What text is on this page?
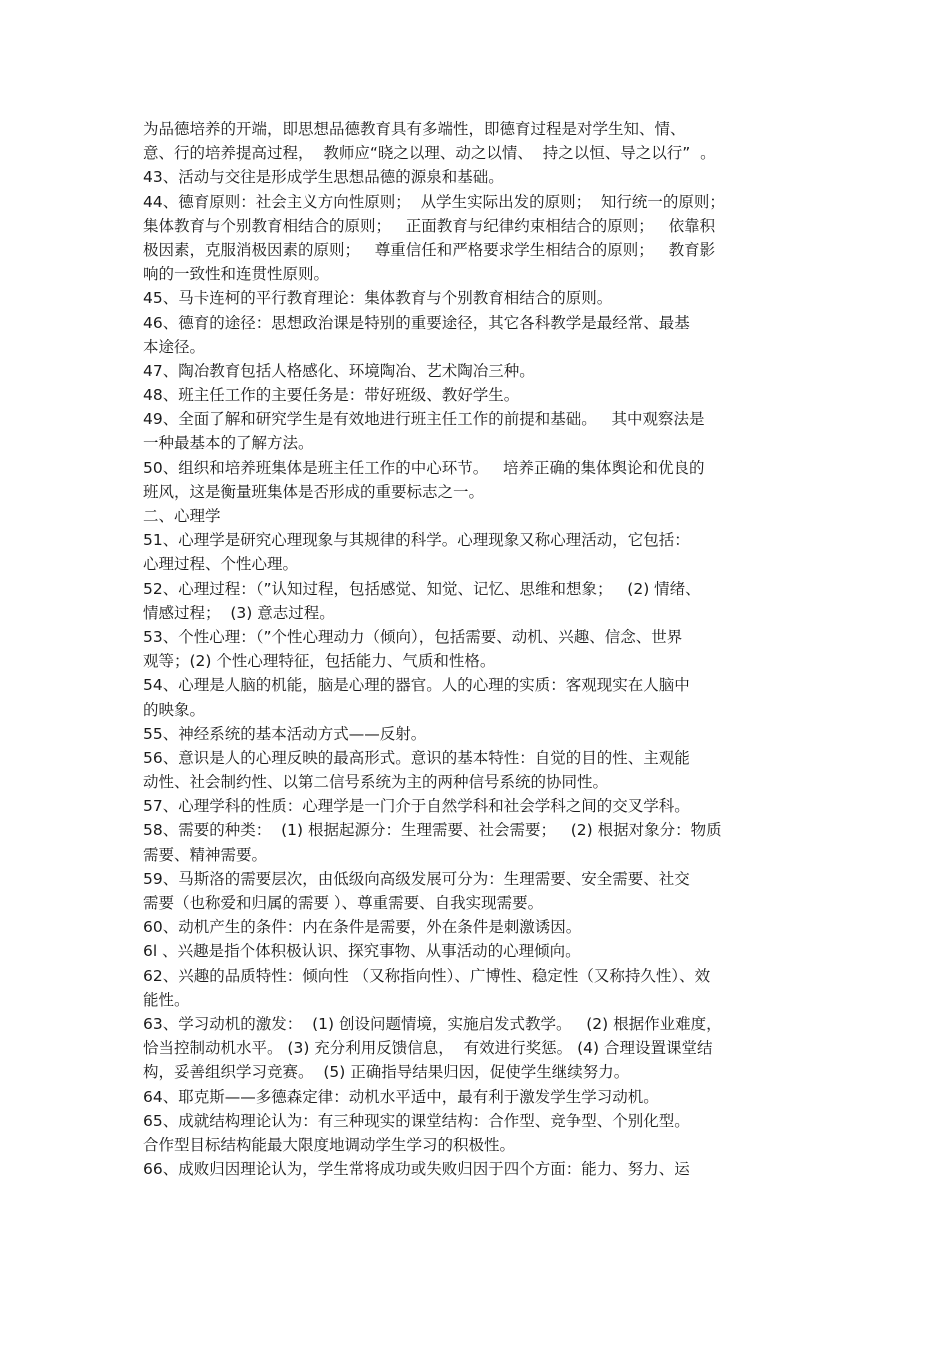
为品德培养的开端，即思想品德教育具有多端性，即德育过程是对学生知、情、
意、行的培养提高过程，  教师应“晓之以理、动之以情、  持之以恒、导之以行”  。
43、活动与交往是形成学生思想品德的源泉和基础。
44、德育原则：社会主义方向性原则；  从学生实际出发的原则；  知行统一的原则；
集体教育与个别教育相结合的原则；   正面教育与纪律约束相结合的原则；   依靠积
极因素，克服消极因素的原则；   尊重信任和严格要求学生相结合的原则；   教育影
响的一致性和连贯性原则。
45、马卡连柯的平行教育理论：集体教育与个别教育相结合的原则。
46、德育的途径：思想政治课是特别的重要途径，其它各科教学是最经常、最基
本途径。
47、陶冶教育包括人格感化、环境陶冶、艺术陶冶三种。
48、班主任工作的主要任务是：带好班级、教好学生。
49、全面了解和研究学生是有效地进行班主任工作的前提和基础。   其中观察法是
一种最基本的了解方法。
50、组织和培养班集体是班主任工作的中心环节。   培养正确的集体舆论和优良的
班风，这是衡量班集体是否形成的重要标志之一。
二、心理学
51、心理学是研究心理现象与其规律的科学。心理现象又称心理活动，它包括：
心理过程、个性心理。
52、心理过程：（”认知过程，包括感觉、知觉、记忆、思维和想象；   (2) 情绪、
情感过程；  (3) 意志过程。
53、个性心理：（”个性心理动力（倾向），包括需要、动机、兴趣、信念、世界
观等；(2) 个性心理特征，包括能力、气质和性格。
54、心理是人脑的机能，脑是心理的器官。人的心理的实质：客观现实在人脑中
的映象。
55、神经系统的基本活动方式——反射。
56、意识是人的心理反映的最高形式。意识的基本特性：自觉的目的性、主观能
动性、社会制约性、以第二信号系统为主的两种信号系统的协同性。
57、心理学科的性质：心理学是一门介于自然学科和社会学科之间的交叉学科。
58、需要的种类：  (1) 根据起源分：生理需要、社会需要；   (2) 根据对象分：物质
需要、精神需要。
59、马斯洛的需要层次，由低级向高级发展可分为：生理需要、安全需要、社交
需要（也称爱和归属的需要 ）、尊重需要、自我实现需要。
60、动机产生的条件：内在条件是需要，外在条件是刺激诱因。
6l 、兴趣是指个体积极认识、探究事物、从事活动的心理倾向。
62、兴趣的品质特性：倾向性 （又称指向性）、广博性、稳定性（又称持久性）、效
能性。
63、学习动机的激发：  (1) 创设问题情境，实施启发式教学。   (2) 根据作业难度，
恰当控制动机水平。 (3) 充分利用反馈信息，  有效进行奖惩。 (4) 合理设置课堂结
构，妥善组织学习竞赛。  (5) 正确指导结果归因，促使学生继续努力。
64、耶克斯——多德森定律：动机水平适中，最有利于激发学生学习动机。
65、成就结构理论认为：有三种现实的课堂结构：合作型、竞争型、个别化型。
合作型目标结构能最大限度地调动学生学习的积极性。
66、成败归因理论认为，学生常将成功或失败归因于四个方面：能力、努力、运
